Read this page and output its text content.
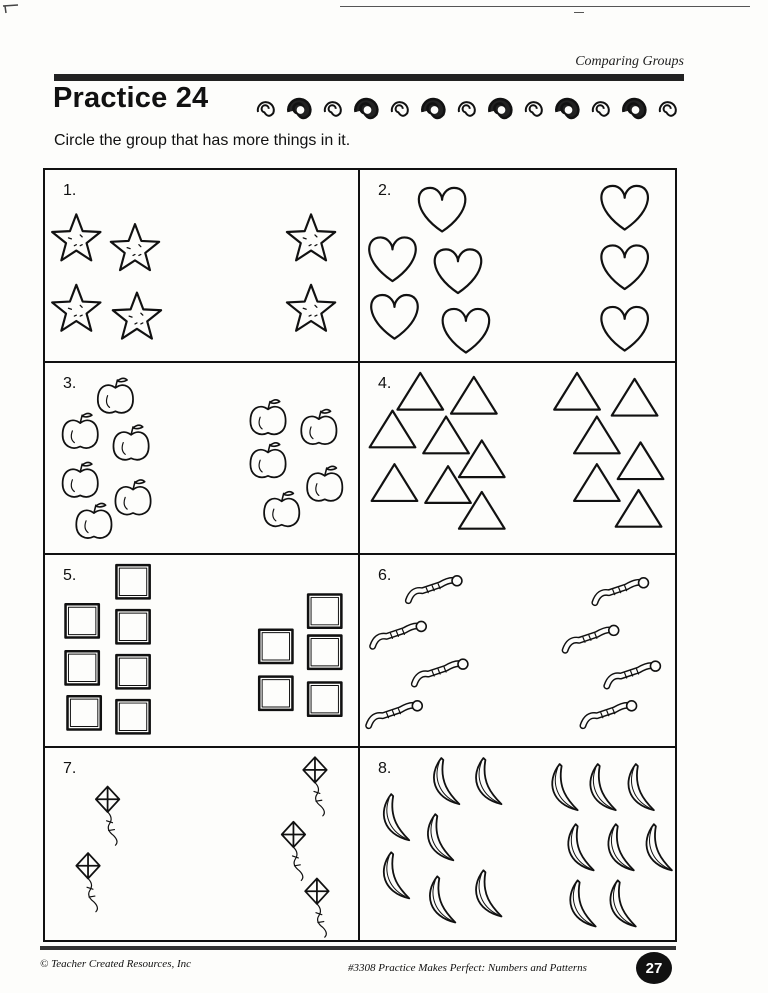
Comparing Groups
Practice 24
Circle the group that has more things in it.
1.	2.
3.	4.
5.	6.
7.	8.
© Teacher Created Resources, Inc	#3308 Practice Makes Perfect: Numbers and Patterns	27
